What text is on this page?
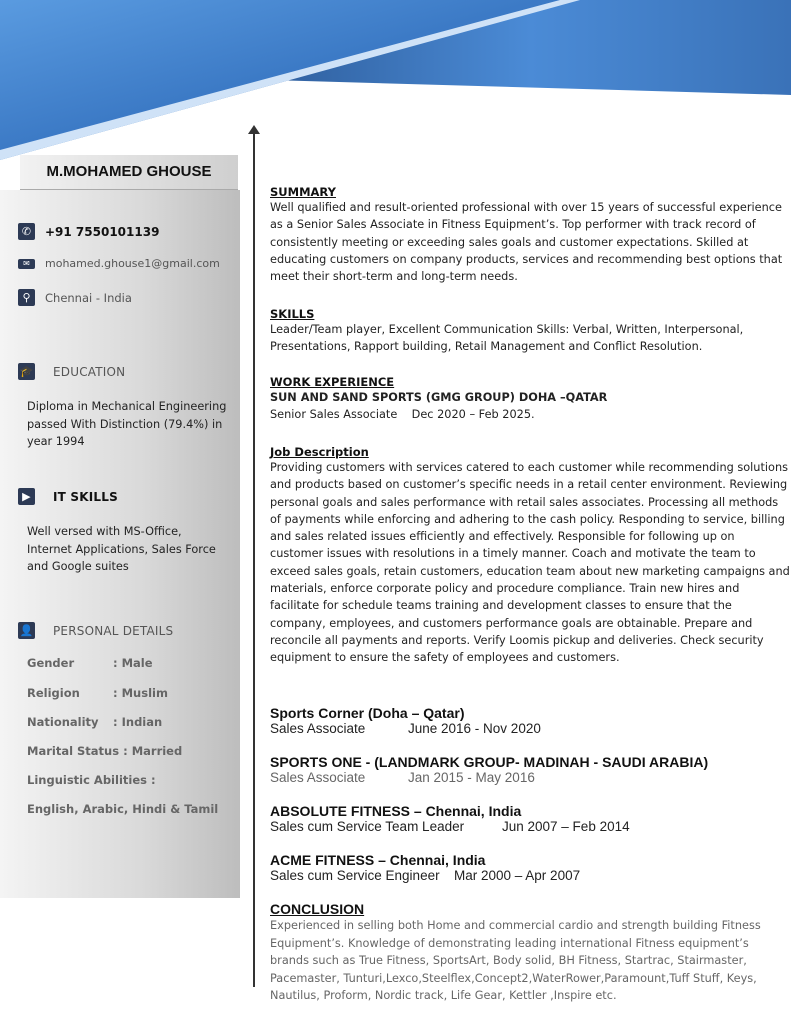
M.MOHAMED GHOUSE
✆	+91 7550101139
✉	mohamed.ghouse1@gmail.com
⚲	Chennai - India
🎓 EDUCATION
Diploma in Mechanical Engineering passed With Distinction (79.4%) in year 1994
▶	IT SKILLS
Well versed with MS-Office, Internet Applications, Sales Force and Google suites
👤 PERSONAL DETAILS
Gender	: Male
Religion	: Muslim
Nationality : Indian
Marital Status : Married
Linguistic Abilities :
English, Arabic, Hindi & Tamil
SUMMARY
Well qualified and result-oriented professional with over 15 years of successful experience as a Senior Sales Associate in Fitness Equipment’s. Top performer with track record of consistently meeting or exceeding sales goals and customer expectations. Skilled at educating customers on company products, services and recommending best options that meet their short-term and long-term needs.
SKILLS
Leader/Team player, Excellent Communication Skills: Verbal, Written, Interpersonal, Presentations, Rapport building, Retail Management and Conflict Resolution.
WORK EXPERIENCE
SUN AND SAND SPORTS (GMG GROUP) DOHA –QATAR
Senior Sales Associate    Dec 2020 – Feb 2025.
Job Description
Providing customers with services catered to each customer while recommending solutions and products based on customer’s specific needs in a retail center environment. Reviewing personal goals and sales performance with retail sales associates. Processing all methods of payments while enforcing and adhering to the cash policy. Responding to service, billing and sales related issues efficiently and effectively. Responsible for following up on customer issues with resolutions in a timely manner. Coach and motivate the team to exceed sales goals, retain customers, education team about new marketing campaigns and materials, enforce corporate policy and procedure compliance. Train new hires and facilitate for schedule teams training and development classes to ensure that the company, employees, and customers performance goals are obtainable. Prepare and reconcile all payments and reports. Verify Loomis pickup and deliveries. Check security equipment to ensure the safety of employees and customers.
Sports Corner (Doha – Qatar)
Sales Associate	June 2016 - Nov 2020
SPORTS ONE - (LANDMARK GROUP- MADINAH - SAUDI ARABIA)
Sales Associate	Jan 2015 - May 2016
ABSOLUTE FITNESS – Chennai, India
Sales cum Service Team Leader	Jun 2007 – Feb 2014
ACME FITNESS – Chennai, India
Sales cum Service Engineer Mar 2000 – Apr 2007
CONCLUSION
Experienced in selling both Home and commercial cardio and strength building Fitness Equipment’s. Knowledge of demonstrating leading international Fitness equipment’s brands such as True Fitness, SportsArt, Body solid, BH Fitness, Startrac, Stairmaster, Pacemaster, Tunturi,Lexco,Steelflex,Concept2,WaterRower,Paramount,Tuff Stuff, Keys, Nautilus, Proform, Nordic track, Life Gear, Kettler ,Inspire etc.
